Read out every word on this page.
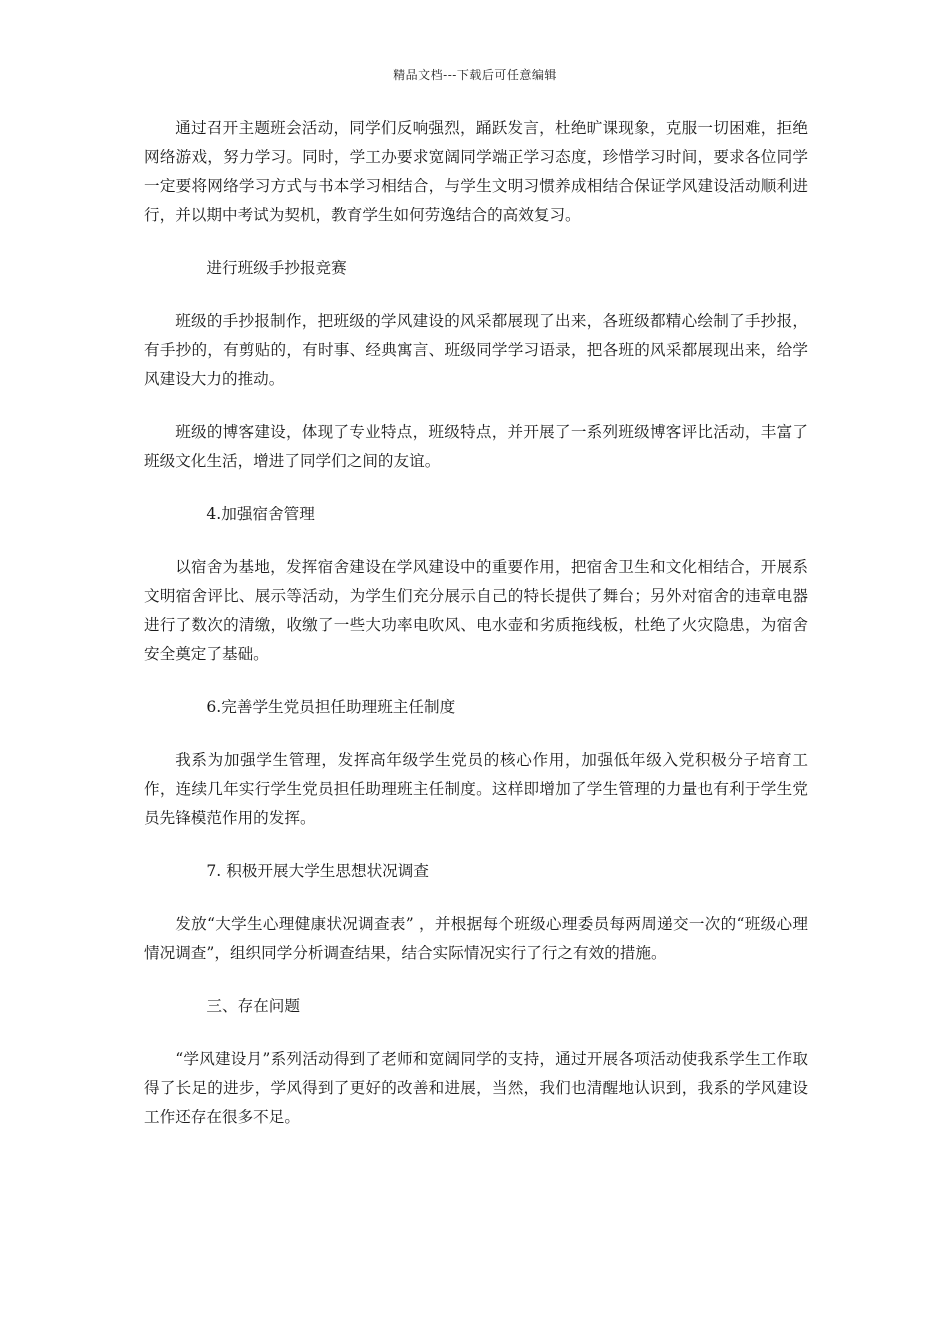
精品文档---下载后可任意编辑

通过召开主题班会活动，同学们反响强烈，踊跃发言，杜绝旷课现象，克服一切困难，拒绝网络游戏，努力学习。同时，学工办要求宽阔同学端正学习态度，珍惜学习时间，要求各位同学一定要将网络学习方式与书本学习相结合，与学生文明习惯养成相结合保证学风建设活动顺利进行，并以期中考试为契机，教育学生如何劳逸结合的高效复习。

进行班级手抄报竞赛

班级的手抄报制作，把班级的学风建设的风采都展现了出来，各班级都精心绘制了手抄报，有手抄的，有剪贴的，有时事、经典寓言、班级同学学习语录，把各班的风采都展现出来，给学风建设大力的推动。

班级的博客建设，体现了专业特点，班级特点，并开展了一系列班级博客评比活动，丰富了班级文化生活，增进了同学们之间的友谊。

4.加强宿舍管理

以宿舍为基地，发挥宿舍建设在学风建设中的重要作用，把宿舍卫生和文化相结合，开展系文明宿舍评比、展示等活动，为学生们充分展示自己的特长提供了舞台；另外对宿舍的违章电器进行了数次的清缴，收缴了一些大功率电吹风、电水壶和劣质拖线板，杜绝了火灾隐患，为宿舍安全奠定了基础。

6.完善学生党员担任助理班主任制度

我系为加强学生管理，发挥高年级学生党员的核心作用，加强低年级入党积极分子培育工作，连续几年实行学生党员担任助理班主任制度。这样即增加了学生管理的力量也有利于学生党员先锋模范作用的发挥。

7. 积极开展大学生思想状况调查

发放“大学生心理健康状况调查表” ，并根据每个班级心理委员每两周递交一次的“班级心理情况调查”，组织同学分析调查结果，结合实际情况实行了行之有效的措施。

三、存在问题

“学风建设月”系列活动得到了老师和宽阔同学的支持，通过开展各项活动使我系学生工作取得了长足的进步，学风得到了更好的改善和进展，当然，我们也清醒地认识到，我系的学风建设工作还存在很多不足。
